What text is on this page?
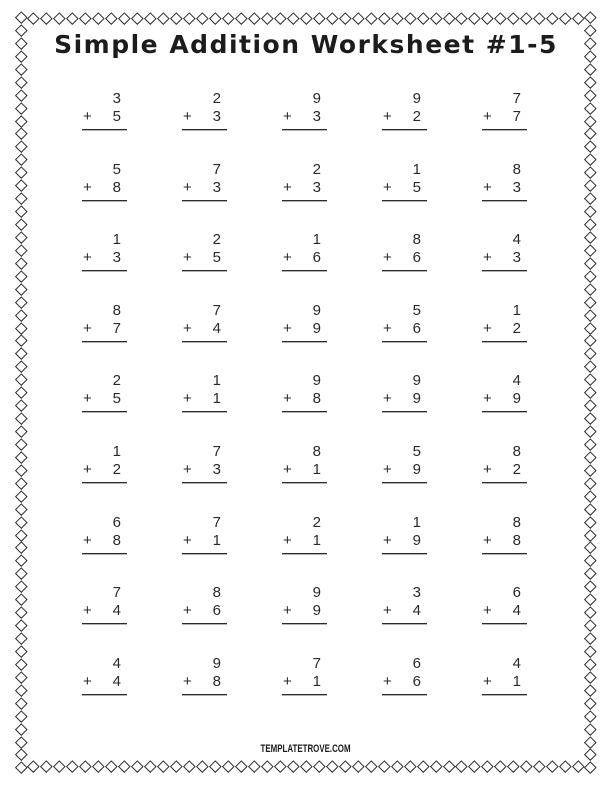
Simple Addition Worksheet #1-5
3
+ 5
2
+ 3
9
+ 3
9
+ 2
7
+ 7
5
+ 8
7
+ 3
2
+ 3
1
+ 5
8
+ 3
1
+ 3
2
+ 5
1
+ 6
8
+ 6
4
+ 3
8
+ 7
7
+ 4
9
+ 9
5
+ 6
1
+ 2
2
+ 5
1
+ 1
9
+ 8
9
+ 9
4
+ 9
1
+ 2
7
+ 3
8
+ 1
5
+ 9
8
+ 2
6
+ 8
7
+ 1
2
+ 1
1
+ 9
8
+ 8
7
+ 4
8
+ 6
9
+ 9
3
+ 4
6
+ 4
4
+ 4
9
+ 8
7
+ 1
6
+ 6
4
+ 1
TEMPLATETROVE.COM
